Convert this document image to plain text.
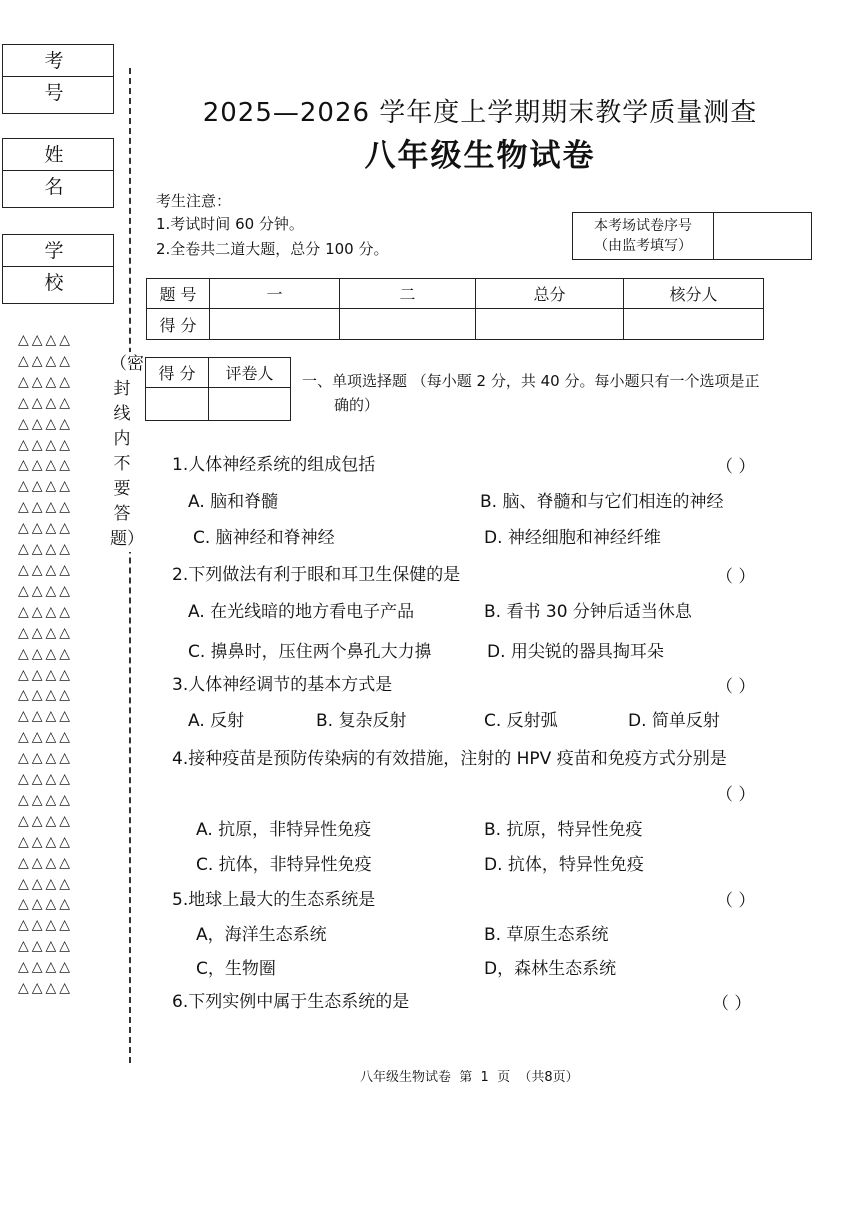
考号
姓名
学校
△△△△
△△△△
△△△△
△△△△
△△△△
△△△△
△△△△
△△△△
△△△△
△△△△
△△△△
△△△△
△△△△
△△△△
△△△△
△△△△
△△△△
△△△△
△△△△
△△△△
△△△△
△△△△
△△△△
△△△△
△△△△
△△△△
△△△△
△△△△
△△△△
△△△△
△△△△
△△△△
（密封线内不要答题）
2025—2026 学年度上学期期末教学质量测查
八年级生物试卷
考生注意：
1.考试时间 60 分钟。
2.全卷共二道大题，总分 100 分。
本考场试卷序号
（由监考填写）

题 号	一	二	总分	核分人
得 分				
得 分	评卷人
	一、单项选择题 （每小题 2 分，共 40 分。每小题只有一个选项是正
确的）
1.人体神经系统的组成包括	（ ）
A. 脑和脊髓	B. 脑、脊髓和与它们相连的神经
C. 脑神经和脊神经	D. 神经细胞和神经纤维
2.下列做法有利于眼和耳卫生保健的是	（ ）
A. 在光线暗的地方看电子产品	B. 看书 30 分钟后适当休息
C. 擤鼻时，压住两个鼻孔大力擤	D. 用尖锐的器具掏耳朵
3.人体神经调节的基本方式是	（ ）
A. 反射	B. 复杂反射	C. 反射弧	D. 简单反射
4.接种疫苗是预防传染病的有效措施，注射的 HPV 疫苗和免疫方式分别是
（ ）
A. 抗原，非特异性免疫	B. 抗原，特异性免疫
C. 抗体，非特异性免疫	D. 抗体，特异性免疫
5.地球上最大的生态系统是	（ ）
A，海洋生态系统	B. 草原生态系统
C，生物圈	D，森林生态系统
6.下列实例中属于生态系统的是	（ ）
八年级生物试卷  第  1  页  （共8页）
